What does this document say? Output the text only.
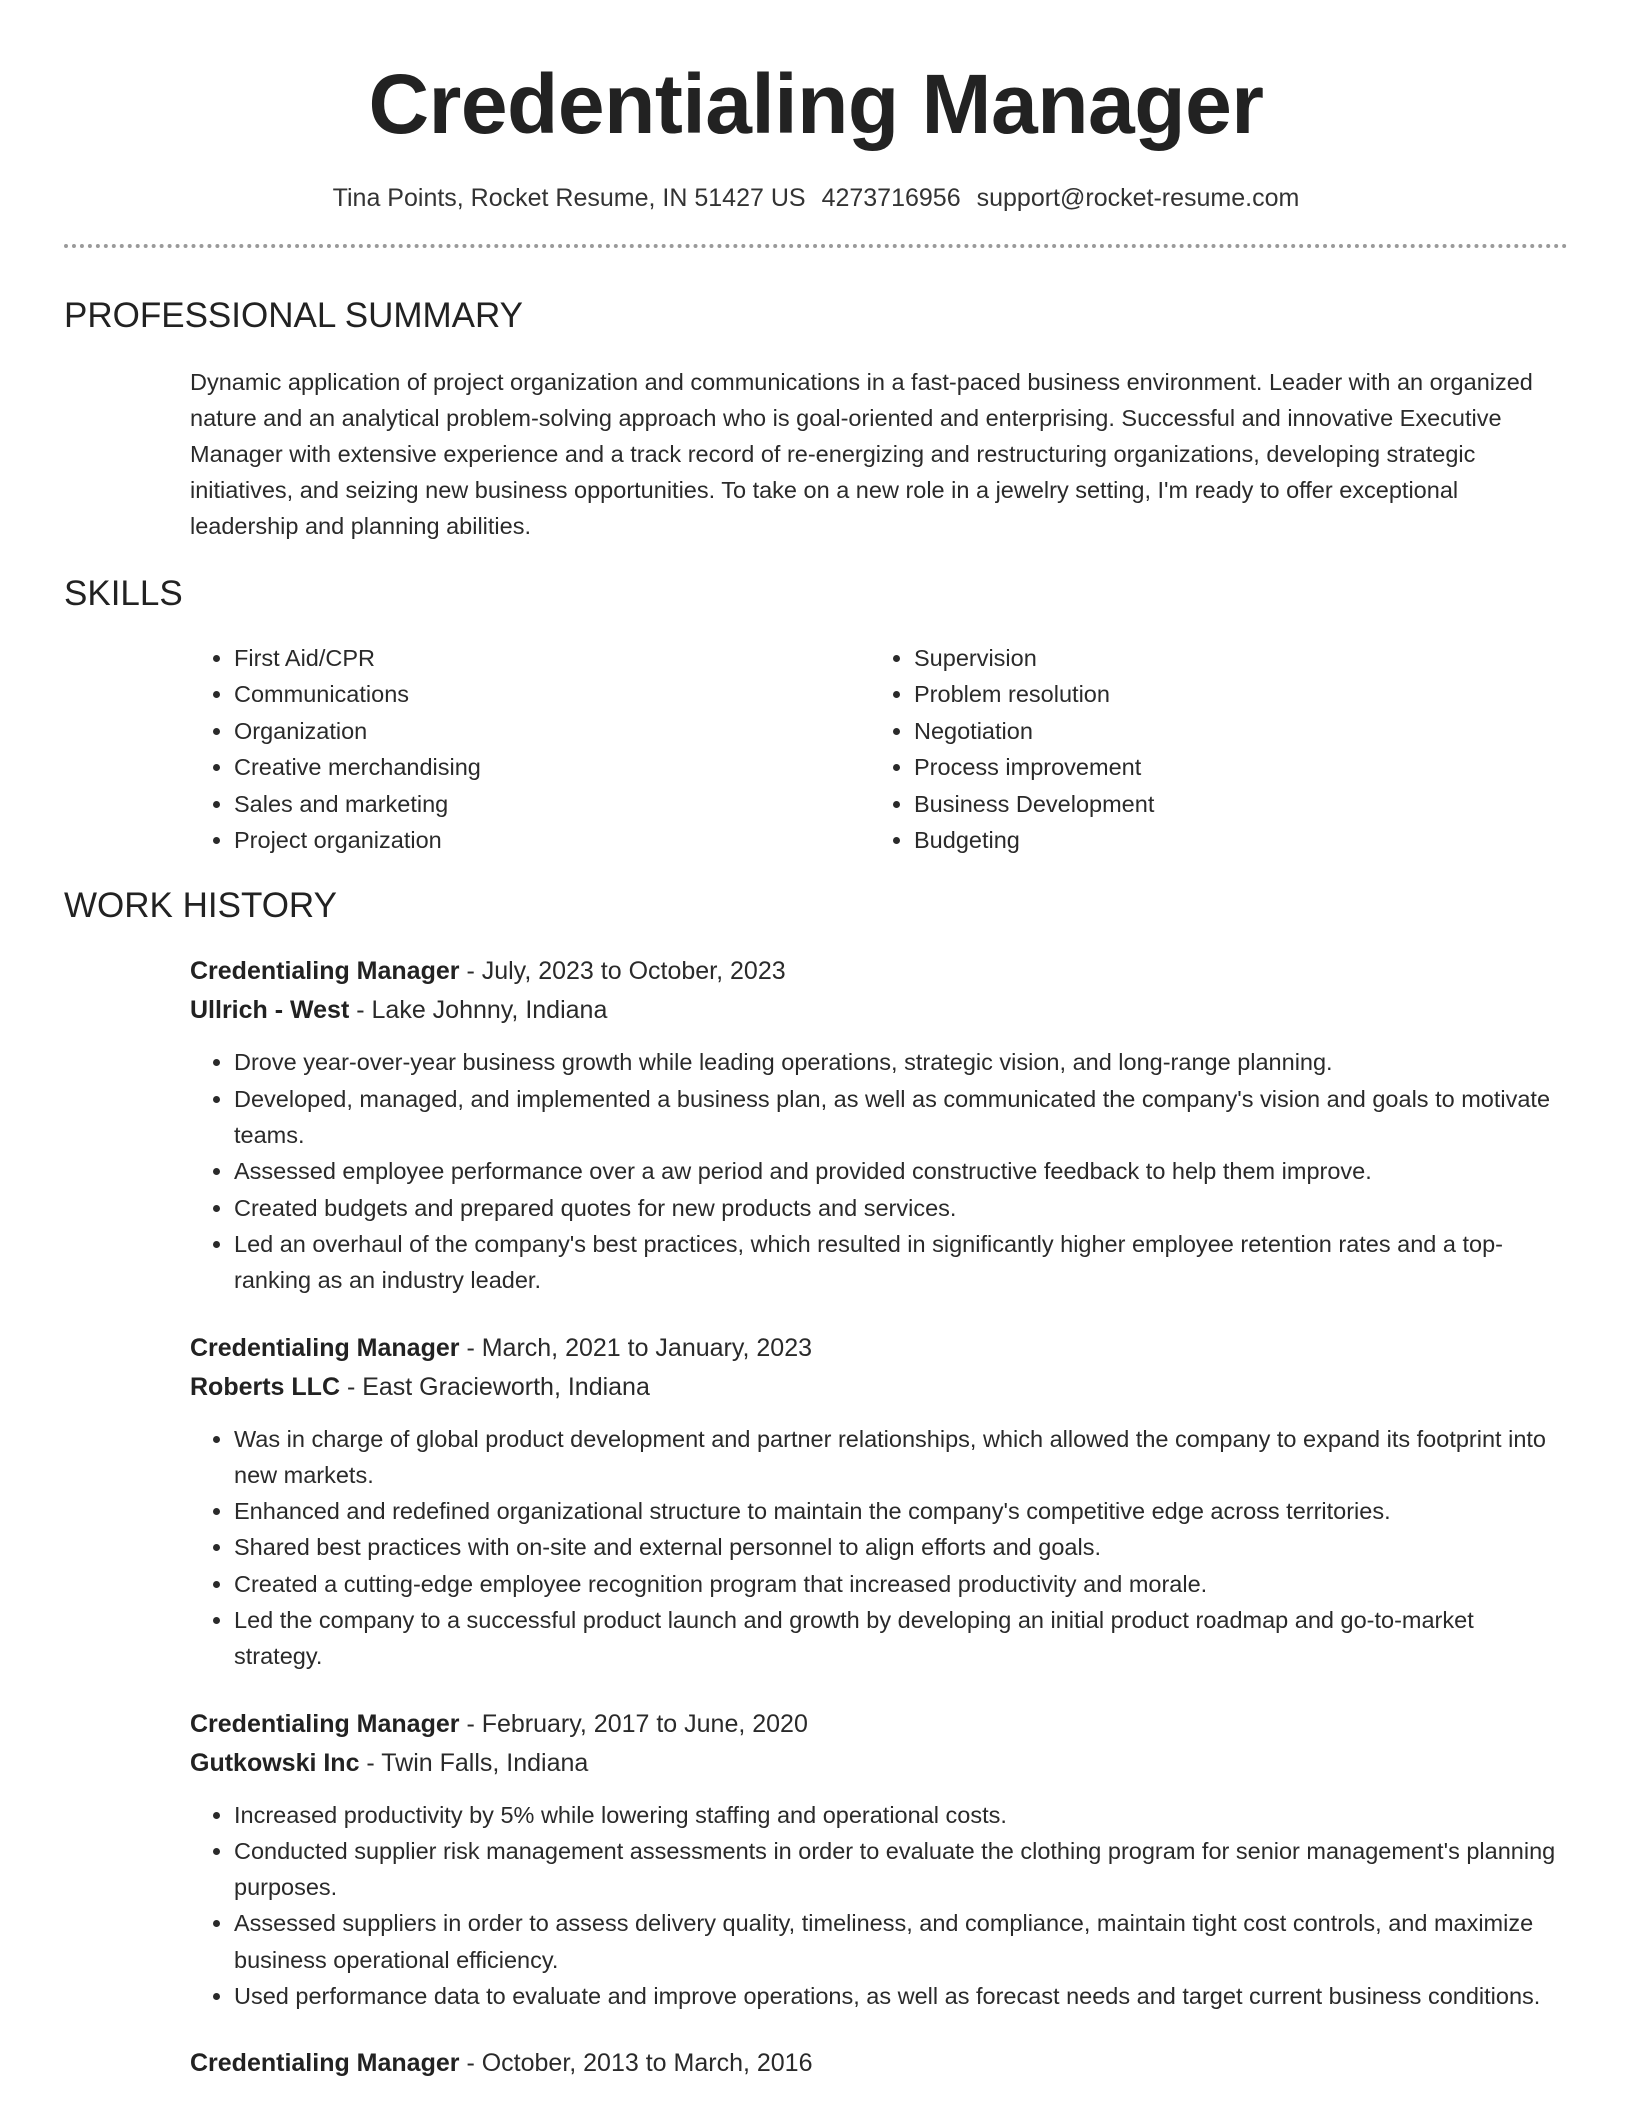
Credentialing Manager
Tina Points, Rocket Resume, IN 51427 US 4273716956 support@rocket-resume.com
PROFESSIONAL SUMMARY

Dynamic application of project organization and communications in a fast-paced business environment. Leader with an organized nature and an analytical problem-solving approach who is goal-oriented and enterprising. Successful and innovative Executive Manager with extensive experience and a track record of re-energizing and restructuring organizations, developing strategic initiatives, and seizing new business opportunities. To take on a new role in a jewelry setting, I'm ready to offer exceptional leadership and planning abilities.

SKILLS
• First Aid/CPR
• Communications
• Organization
• Creative merchandising
• Sales and marketing
• Project organization
• Supervision
• Problem resolution
• Negotiation
• Process improvement
• Business Development
• Budgeting
WORK HISTORY
Credentialing Manager - July, 2023 to October, 2023
Ullrich - West - Lake Johnny, Indiana
• Drove year-over-year business growth while leading operations, strategic vision, and long-range planning.
• Developed, managed, and implemented a business plan, as well as communicated the company's vision and goals to motivate teams.
• Assessed employee performance over a aw period and provided constructive feedback to help them improve.
• Created budgets and prepared quotes for new products and services.
• Led an overhaul of the company's best practices, which resulted in significantly higher employee retention rates and a top-ranking as an industry leader.
Credentialing Manager - March, 2021 to January, 2023
Roberts LLC - East Gracieworth, Indiana
• Was in charge of global product development and partner relationships, which allowed the company to expand its footprint into new markets.
• Enhanced and redefined organizational structure to maintain the company's competitive edge across territories.
• Shared best practices with on-site and external personnel to align efforts and goals.
• Created a cutting-edge employee recognition program that increased productivity and morale.
• Led the company to a successful product launch and growth by developing an initial product roadmap and go-to-market strategy.
Credentialing Manager - February, 2017 to June, 2020
Gutkowski Inc - Twin Falls, Indiana
• Increased productivity by 5% while lowering staffing and operational costs.
• Conducted supplier risk management assessments in order to evaluate the clothing program for senior management's planning purposes.
• Assessed suppliers in order to assess delivery quality, timeliness, and compliance, maintain tight cost controls, and maximize business operational efficiency.
• Used performance data to evaluate and improve operations, as well as forecast needs and target current business conditions.
Credentialing Manager - October, 2013 to March, 2016
